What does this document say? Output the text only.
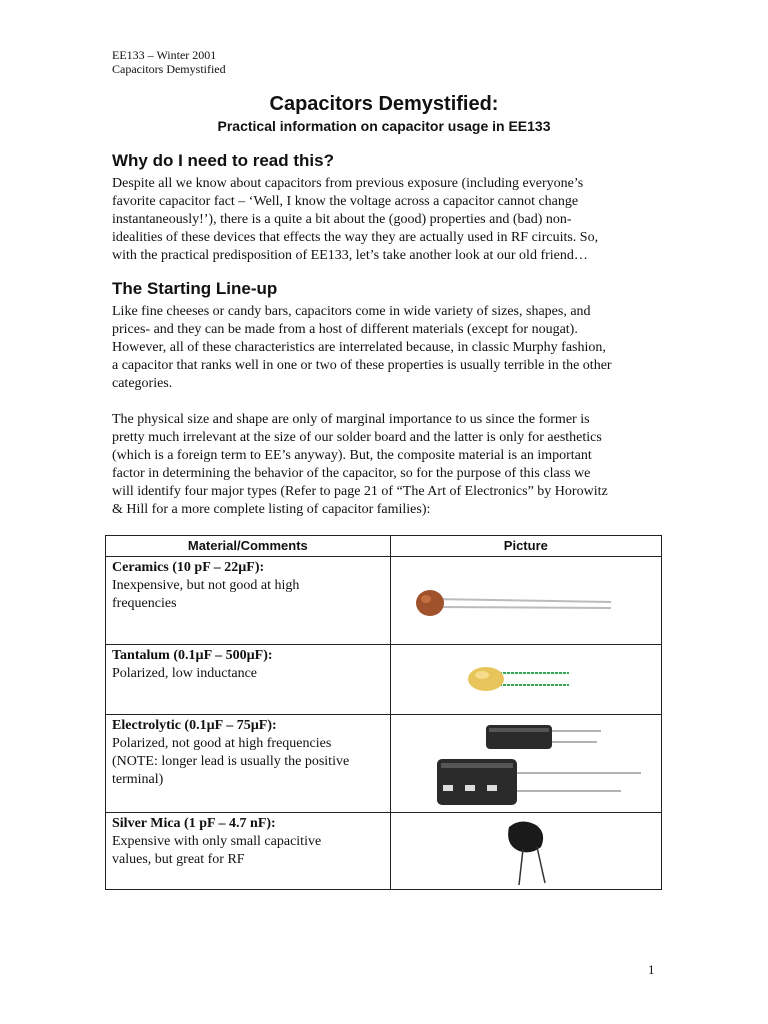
EE133 – Winter 2001
Capacitors Demystified
Capacitors Demystified:
Practical information on capacitor usage in EE133
Why do I need to read this?
Despite all we know about capacitors from previous exposure (including everyone’s
favorite capacitor fact – ‘Well, I know the voltage across a capacitor cannot change
instantaneously!’), there is a quite a bit about the (good) properties and (bad) non-
idealities of these devices that effects the way they are actually used in RF circuits. So,
with the practical predisposition of EE133, let’s take another look at our old friend…
The Starting Line-up
Like fine cheeses or candy bars, capacitors come in wide variety of sizes, shapes, and
prices- and they can be made from a host of different materials (except for nougat).
However, all of these characteristics are interrelated because, in classic Murphy fashion,
a capacitor that ranks well in one or two of these properties is usually terrible in the other
categories.
The physical size and shape are only of marginal importance to us since the former is
pretty much irrelevant at the size of our solder board and the latter is only for aesthetics
(which is a foreign term to EE’s anyway). But, the composite material is an important
factor in determining the behavior of the capacitor, so for the purpose of this class we
will identify four major types (Refer to page 21 of “The Art of Electronics” by Horowitz
& Hill for a more complete listing of capacitor families):
Material/Comments	Picture

Ceramics (10 pF – 22µF):
Inexpensive, but not good at high
frequencies

Tantalum (0.1µF – 500µF):
Polarized, low inductance

Electrolytic (0.1µF – 75µF):
Polarized, not good at high frequencies
(NOTE: longer lead is usually the positive
terminal)

Silver Mica (1 pF – 4.7 nF):
Expensive with only small capacitive
values, but great for RF

1
